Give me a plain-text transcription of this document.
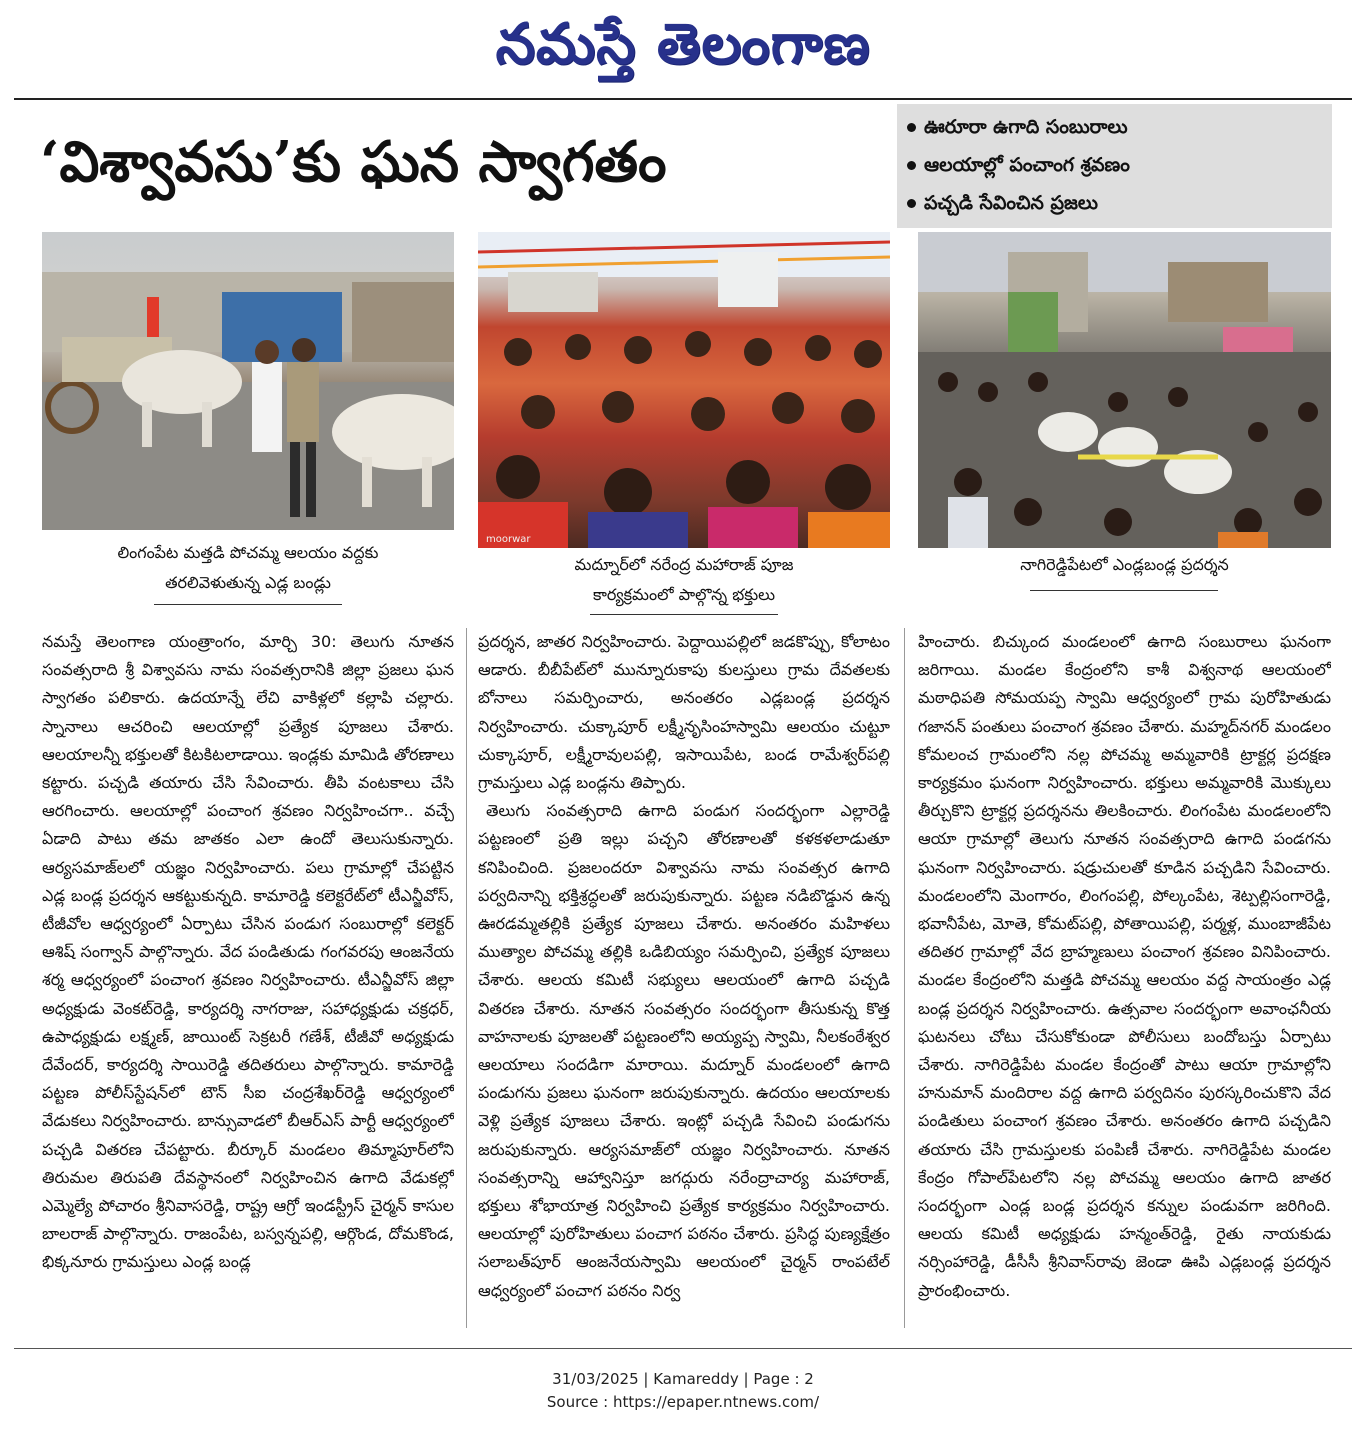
నమస్తే తెలంగాణ
‘విశ్వావసు’కు ఘన స్వాగతం
ఊరూరా ఉగాది సంబురాలు
ఆలయాల్లో పంచాంగ శ్రవణం
పచ్చడి సేవించిన ప్రజలు
moorwar
లింగంపేట మత్తడి పోచమ్మ ఆలయం వద్దకు
తరలివెళుతున్న ఎడ్ల బండ్లు
మద్నూర్‌లో నరేంద్ర మహారాజ్ పూజ
కార్యక్రమంలో పాల్గొన్న భక్తులు
నాగిరెడ్డిపేటలో ఎండ్లబండ్ల ప్రదర్శన

నమస్తే తెలంగాణ యంత్రాంగం, మార్చి 30: తెలుగు నూతన సంవత్సరాది శ్రీ విశ్వావసు నామ సంవత్సరానికి జిల్లా ప్రజలు ఘన స్వాగతం పలికారు. ఉదయాన్నే లేచి వాకిళ్లలో కల్లాపి చల్లారు. స్నానాలు ఆచరించి ఆలయాల్లో ప్రత్యేక పూజలు చేశారు. ఆలయాలన్నీ భక్తులతో కిటకిటలాడాయి. ఇండ్లకు మామిడి తోరణాలు కట్టారు. పచ్చడి తయారు చేసి సేవించారు. తీపి వంటకాలు చేసి ఆరగించారు. ఆలయాల్లో పంచాంగ శ్రవణం నిర్వహించగా.. వచ్చే ఏడాది పాటు తమ జాతకం ఎలా ఉందో తెలుసుకున్నారు. ఆర్యసమాజ్‌లలో యజ్ఞం నిర్వహించారు. పలు గ్రామాల్లో చేపట్టిన ఎడ్ల బండ్ల ప్రదర్శన ఆకట్టుకున్నది. కామారెడ్డి కలెక్టరేట్‌లో టీఎన్జీవోస్, టీజీవోల ఆధ్వర్యంలో ఏర్పాటు చేసిన పండుగ సంబురాల్లో కలెక్టర్ ఆశిష్ సంగ్వాన్ పాల్గొన్నారు. వేద పండితుడు గంగవరపు ఆంజనేయ శర్మ ఆధ్వర్యంలో పంచాంగ శ్రవణం నిర్వహించారు. టీఎన్జీవోస్ జిల్లా అధ్యక్షుడు వెంకట్‌రెడ్డి, కార్యదర్శి నాగరాజు, సహాధ్యక్షుడు చక్రధర్, ఉపాధ్యక్షుడు లక్ష్మణ్, జాయింట్ సెక్రటరీ గణేశ్, టీజీవో అధ్యక్షుడు దేవేందర్, కార్యదర్శి సాయిరెడ్డి తదితరులు పాల్గొన్నారు. కామారెడ్డి పట్టణ పోలీస్‌స్టేషన్‌లో టౌన్ సీఐ చంద్రశేఖర్‌రెడ్డి ఆధ్వర్యంలో వేడుకలు నిర్వహించారు. బాన్సువాడలో బీఆర్‌ఎస్ పార్టీ ఆధ్వర్యంలో పచ్చడి వితరణ చేపట్టారు. బీర్కూర్ మండలం తిమ్మాపూర్‌లోని తిరుమల తిరుపతి దేవస్థానంలో నిర్వహించిన ఉగాది వేడుకల్లో ఎమ్మెల్యే పోచారం శ్రీనివాసరెడ్డి, రాష్ట్ర ఆగ్రో ఇండస్ట్రీస్ చైర్మన్ కాసుల బాలరాజ్ పాల్గొన్నారు. రాజంపేట, బస్వన్నపల్లి, ఆర్గొండ, దోమకొండ, భిక్కనూరు గ్రామస్తులు ఎండ్ల బండ్ల

ప్రదర్శన, జాతర నిర్వహించారు. పెద్దాయిపల్లిలో జడకొప్పు, కోలాటం ఆడారు. బీబీపేట్‌లో మున్నూరుకాపు కులస్తులు గ్రామ దేవతలకు బోనాలు సమర్పించారు, అనంతరం ఎడ్లబండ్ల ప్రదర్శన నిర్వహించారు. చుక్కాపూర్ లక్ష్మీనృసింహస్వామి ఆలయం చుట్టూ చుక్కాపూర్, లక్ష్మీరావులపల్లి, ఇసాయిపేట, బండ రామేశ్వర్‌పల్లి గ్రామస్తులు ఎడ్ల బండ్లను తిప్పారు.

తెలుగు సంవత్సరాది ఉగాది పండుగ సందర్భంగా ఎల్లారెడ్డి పట్టణంలో ప్రతి ఇల్లు పచ్చని తోరణాలతో కళకళలాడుతూ కనిపించింది. ప్రజలందరూ విశ్వావసు నామ సంవత్సర ఉగాది పర్వదినాన్ని భక్తిశ్రద్ధలతో జరుపుకున్నారు. పట్టణ నడిబొడ్డున ఉన్న ఊరడమ్మతల్లికి ప్రత్యేక పూజలు చేశారు. అనంతరం మహిళలు ముత్యాల పోచమ్మ తల్లికి ఒడిబియ్యం సమర్పించి, ప్రత్యేక పూజలు చేశారు. ఆలయ కమిటీ సభ్యులు ఆలయంలో ఉగాది పచ్చడి వితరణ చేశారు. నూతన సంవత్సరం సందర్భంగా తీసుకున్న కొత్త వాహనాలకు పూజలతో పట్టణంలోని అయ్యప్ప స్వామి, నీలకంఠేశ్వర ఆలయాలు సందడిగా మారాయి. మద్నూర్ మండలంలో ఉగాది పండుగను ప్రజలు ఘనంగా జరుపుకున్నారు. ఉదయం ఆలయాలకు వెళ్లి ప్రత్యేక పూజలు చేశారు. ఇంట్లో పచ్చడి సేవించి పండుగను జరుపుకున్నారు. ఆర్యసమాజ్‌లో యజ్ఞం నిర్వహించారు. నూతన సంవత్సరాన్ని ఆహ్వానిస్తూ జగద్గురు నరేంద్రాచార్య మహారాజ్, భక్తులు శోభాయాత్ర నిర్వహించి ప్రత్యేక కార్యక్రమం నిర్వహించారు. ఆలయాల్లో పురోహితులు పంచాగ పఠనం చేశారు. ప్రసిద్ధ పుణ్యక్షేత్రం సలాబత్‌పూర్ ఆంజనేయస్వామి ఆలయంలో చైర్మన్ రాంపటేల్ ఆధ్వర్యంలో పంచాగ పఠనం నిర్వ

హించారు. బిచ్కుంద మండలంలో ఉగాది సంబురాలు ఘనంగా జరిగాయి. మండల కేంద్రంలోని కాశీ విశ్వనాథ ఆలయంలో మఠాధిపతి సోమయప్ప స్వామి ఆధ్వర్యంలో గ్రామ పురోహితుడు గజానన్ పంతులు పంచాంగ శ్రవణం చేశారు. మహ్మద్‌నగర్ మండలం కోమలంచ గ్రామంలోని నల్ల పోచమ్మ అమ్మవారికి ట్రాక్టర్ల ప్రదక్షణ కార్యక్రమం ఘనంగా నిర్వహించారు. భక్తులు అమ్మవారికి మొక్కులు తీర్చుకొని ట్రాక్టర్ల ప్రదర్శనను తిలకించారు. లింగంపేట మండలంలోని ఆయా గ్రామాల్లో తెలుగు నూతన సంవత్సరాది ఉగాది పండగను ఘనంగా నిర్వహించారు. షడ్రుచులతో కూడిన పచ్చడిని సేవించారు. మండలంలోని మెంగారం, లింగంపల్లి, పోల్కంపేట, శెట్పల్లిసంగారెడ్డి, భవానీపేట, మోతె, కోమట్‌పల్లి, పోతాయిపల్లి, పర్మళ్ల, ముంబాజీపేట తదితర గ్రామాల్లో వేద బ్రాహ్మణులు పంచాంగ శ్రవణం వినిపించారు. మండల కేంద్రంలోని మత్తడి పోచమ్మ ఆలయం వద్ద సాయంత్రం ఎడ్ల బండ్ల ప్రదర్శన నిర్వహించారు. ఉత్సవాల సందర్భంగా అవాంఛనీయ ఘటనలు చోటు చేసుకోకుండా పోలీసులు బందోబస్తు ఏర్పాటు చేశారు. నాగిరెడ్డిపేట మండల కేంద్రంతో పాటు ఆయా గ్రామాల్లోని హనుమాన్ మందిరాల వద్ద ఉగాది పర్వదినం పురస్కరించుకొని వేద పండితులు పంచాంగ శ్రవణం చేశారు. అనంతరం ఉగాది పచ్చడిని తయారు చేసి గ్రామస్తులకు పంపిణీ చేశారు. నాగిరెడ్డిపేట మండల కేంద్రం గోపాల్‌పేటలోని నల్ల పోచమ్మ ఆలయం ఉగాది జాతర సందర్భంగా ఎండ్ల బండ్ల ప్రదర్శన కన్నుల పండువగా జరిగింది. ఆలయ కమిటీ అధ్యక్షుడు హన్మంత్‌రెడ్డి, రైతు నాయకుడు నర్సింహారెడ్డి, డీసీసీ శ్రీనివాస్‌రావు జెండా ఊపి ఎడ్లబండ్ల ప్రదర్శన ప్రారంభించారు.

31/03/2025 | Kamareddy | Page : 2
Source : https://epaper.ntnews.com/
